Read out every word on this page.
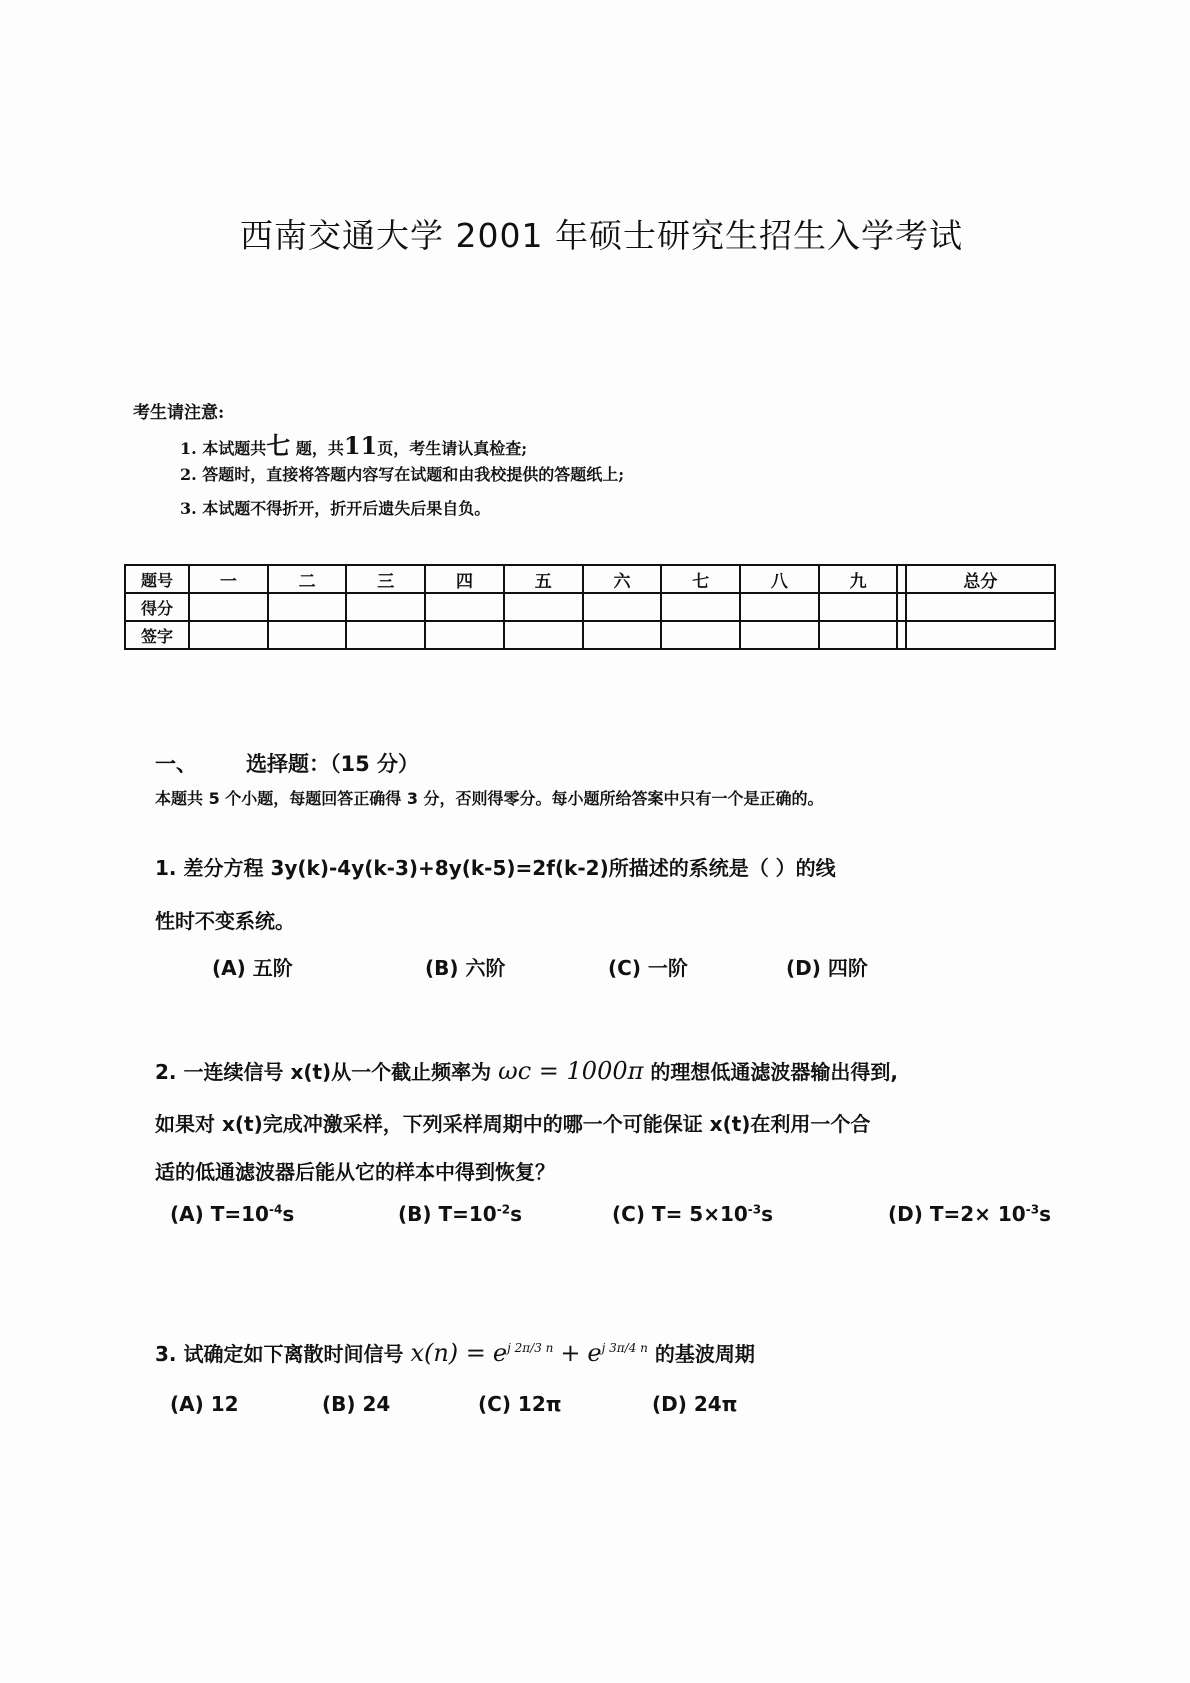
西南交通大学 2001 年硕士研究生招生入学考试
考生请注意:
1. 本试题共七 题，共11页，考生请认真检查;
2. 答题时，直接将答题内容写在试题和由我校提供的答题纸上;
3. 本试题不得折开，折开后遗失后果自负。
题号	一	二	三	四	五	六	七	八	九		总分
得分											
签字											
一、 选择题：（15 分）
本题共 5 个小题，每题回答正确得 3 分，否则得零分。每小题所给答案中只有一个是正确的。
1. 差分方程 3y(k)-4y(k-3)+8y(k-5)=2f(k-2)所描述的系统是（ ）的线
性时不变系统。
(A) 五阶	(B) 六阶	(C) 一阶	(D) 四阶
2. 一连续信号 x(t)从一个截止频率为 ωc = 1000π 的理想低通滤波器输出得到,
如果对 x(t)完成冲激采样，下列采样周期中的哪一个可能保证 x(t)在利用一个合
适的低通滤波器后能从它的样本中得到恢复？
(A) $T=10^{-4}s$	(B) $T=10^{-2}s$	(C) $T= 5\times 10^{-3}s$	(D) $T=2\times 10^{-3}s$
3. 试确定如下离散时间信号 $x(n) = e^{j 2\pi/3 n} + e^{j 3\pi/4 n}$ 的基波周期
(A) 12	(B) 24	(C) 12π	(D) 24π
